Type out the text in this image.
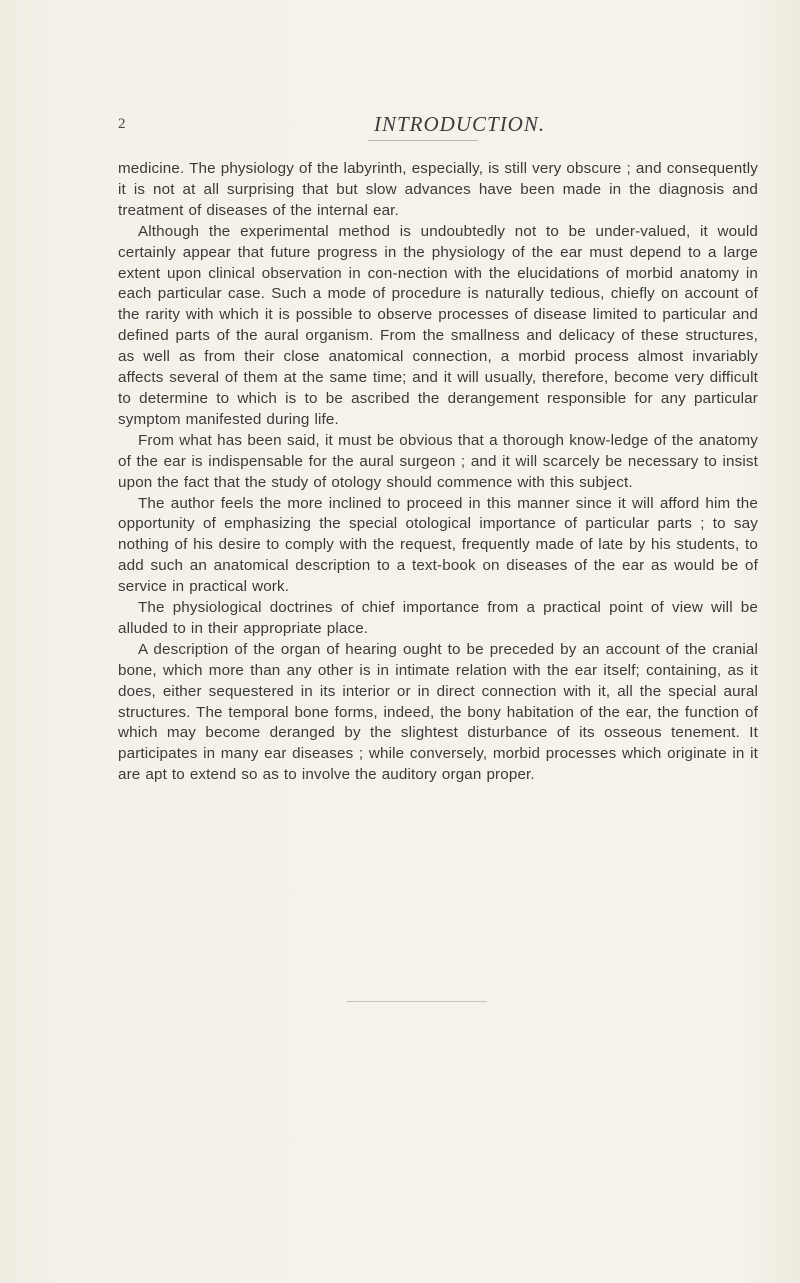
2	INTRODUCTION.

medicine. The physiology of the labyrinth, especially, is still very obscure ; and consequently it is not at all surprising that but slow advances have been made in the diagnosis and treatment of diseases of the internal ear.

Although the experimental method is undoubtedly not to be under-valued, it would certainly appear that future progress in the physiology of the ear must depend to a large extent upon clinical observation in con-nection with the elucidations of morbid anatomy in each particular case. Such a mode of procedure is naturally tedious, chiefly on account of the rarity with which it is possible to observe processes of disease limited to particular and defined parts of the aural organism. From the smallness and delicacy of these structures, as well as from their close anatomical connection, a morbid process almost invariably affects several of them at the same time; and it will usually, therefore, become very difficult to determine to which is to be ascribed the derangement responsible for any particular symptom manifested during life.

From what has been said, it must be obvious that a thorough know-ledge of the anatomy of the ear is indispensable for the aural surgeon ; and it will scarcely be necessary to insist upon the fact that the study of otology should commence with this subject.

The author feels the more inclined to proceed in this manner since it will afford him the opportunity of emphasizing the special otological importance of particular parts ; to say nothing of his desire to comply with the request, frequently made of late by his students, to add such an anatomical description to a text-book on diseases of the ear as would be of service in practical work.

The physiological doctrines of chief importance from a practical point of view will be alluded to in their appropriate place.

A description of the organ of hearing ought to be preceded by an account of the cranial bone, which more than any other is in intimate relation with the ear itself; containing, as it does, either sequestered in its interior or in direct connection with it, all the special aural structures. The temporal bone forms, indeed, the bony habitation of the ear, the function of which may become deranged by the slightest disturbance of its osseous tenement. It participates in many ear diseases ; while conversely, morbid processes which originate in it are apt to extend so as to involve the auditory organ proper.
